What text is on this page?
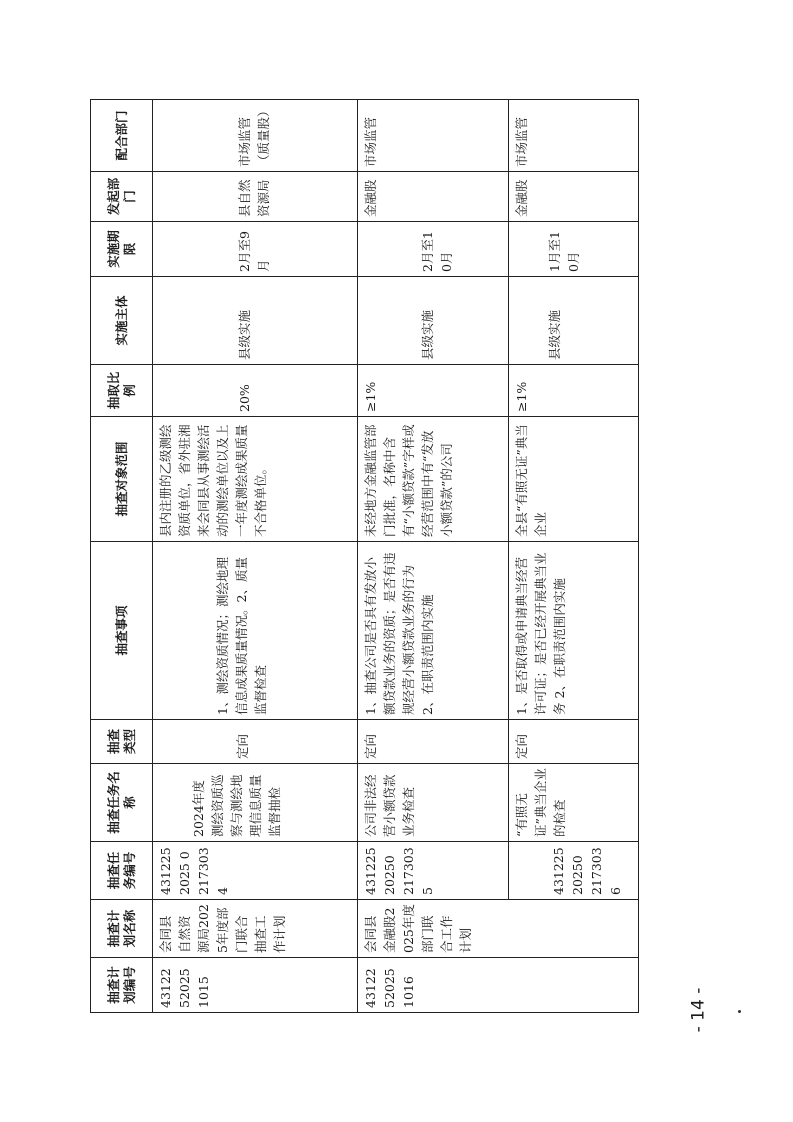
抽查计划编号	抽查计划名称	抽查任务编号	抽查任务名称	抽查类型	抽查事项	抽查对象范围	抽取比例	实施主体	实施期限	发起部门	配合部门
4312252025 1015	会同县自然资源局2025年度部门联合抽查工作计划	4312252025 02173034	2024年度测绘资质巡察与测绘地理信息质量监督抽检	定向	1、测绘资质情况；测绘地理信息成果质量情况。2、质量监督检查	县内注册的乙级测绘资质单位，省外驻湘来会同县从事测绘活动的测绘单位以及上一年度测绘成果质量不合格单位。	20%	县级实施	2月至9月	县自然资源局	市场监管（质量股）
4312252025 1016	会同县金融股2025年度部门联合工作计划	43122520250 2173035	公司非法经营小额贷款业务检查	定向	1、抽查公司是否具有发放小额贷款业务的资质；是否有违规经营小额贷款业务的行为 2、在职责范围内实施	未经地方金融监管部门批准，名称中含有“小额贷款”字样或经营范围中有“发放小额贷款”的公司	≥1%	县级实施	2月至10月	金融股	市场监管
		43122520250 2173036	“有照无证”典当企业的检查	定向	1、是否取得或申请典当经营许可证；是否已经开展典当业务 2、在职责范围内实施	全县“有照无证”典当企业	≥1%	县级实施	1月至10月	金融股	市场监管
- 14 -
